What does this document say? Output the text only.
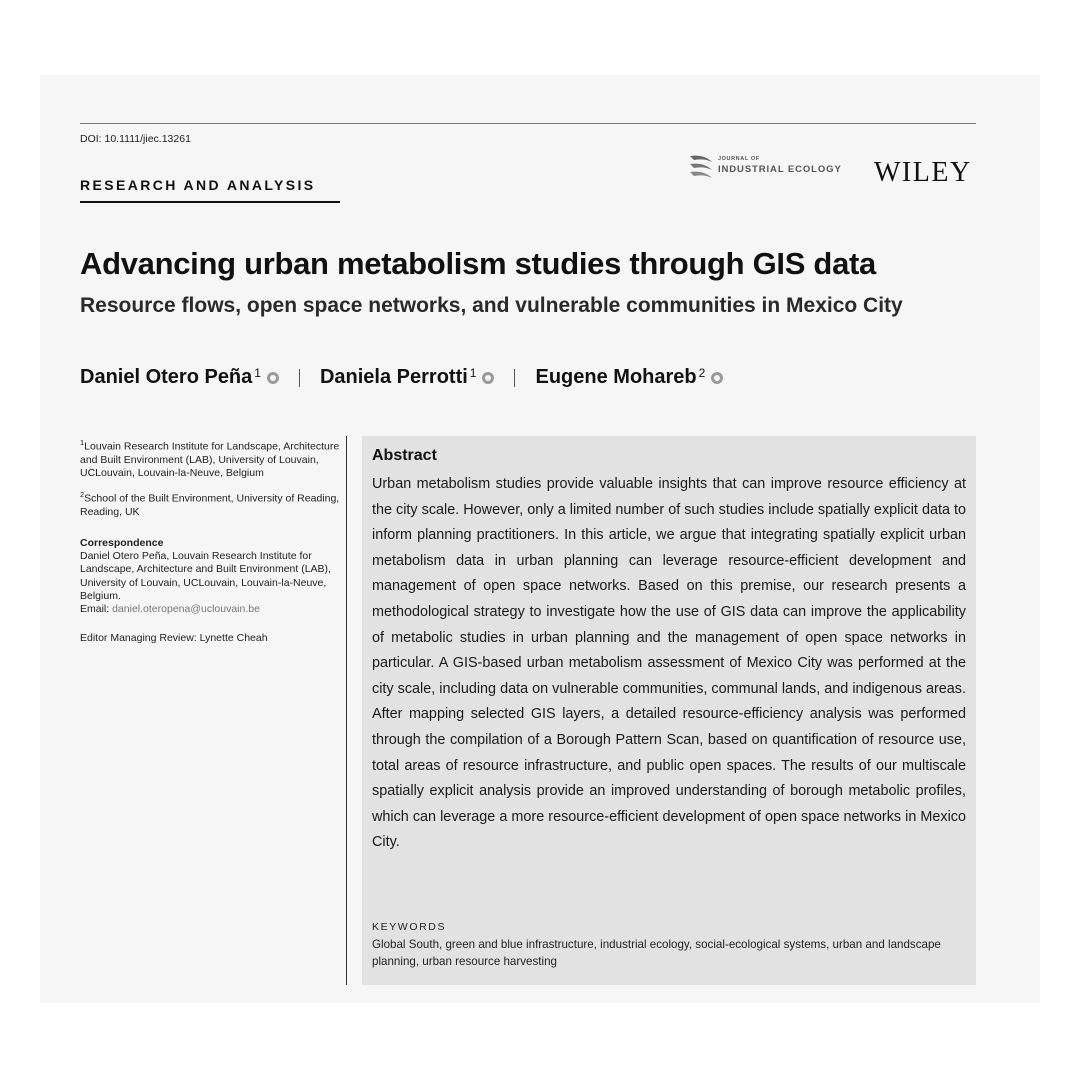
DOI: 10.1111/jiec.13261
RESEARCH AND ANALYSIS
JOURNAL OF
INDUSTRIAL ECOLOGY WILEY
Advancing urban metabolism studies through GIS data
Resource flows, open space networks, and vulnerable communities in Mexico City
Daniel Otero Peña$^1$	Daniela Perrotti$^1$	Eugene Mohareb$^2$

$^1$Louvain Research Institute for Landscape, Architecture and Built Environment (LAB), University of Louvain, UCLouvain, Louvain-la-Neuve, Belgium

$^2$School of the Built Environment, University of Reading, Reading, UK

Correspondence

Daniel Otero Peña, Louvain Research Institute for Landscape, Architecture and Built Environment (LAB), University of Louvain, UCLouvain, Louvain-la-Neuve, Belgium.

Email: daniel.oteropena@uclouvain.be

Editor Managing Review: Lynette Cheah

Abstract
Urban metabolism studies provide valuable insights that can improve resource efficiency at the city scale. However, only a limited number of such studies include spatially explicit data to inform planning practitioners. In this article, we argue that integrating spatially explicit urban metabolism data in urban planning can leverage resource-efficient development and management of open space networks. Based on this premise, our research presents a methodological strategy to investigate how the use of GIS data can improve the applicability of metabolic studies in urban planning and the management of open space networks in particular. A GIS-based urban metabolism assessment of Mexico City was performed at the city scale, including data on vulnerable communities, communal lands, and indigenous areas. After mapping selected GIS layers, a detailed resource-efficiency analysis was performed through the compilation of a Borough Pattern Scan, based on quantification of resource use, total areas of resource infrastructure, and public open spaces. The results of our multiscale spatially explicit analysis provide an improved understanding of borough metabolic profiles, which can leverage a more resource-efficient development of open space networks in Mexico City.
KEYWORDS
Global South, green and blue infrastructure, industrial ecology, social-ecological systems, urban and landscape planning, urban resource harvesting
